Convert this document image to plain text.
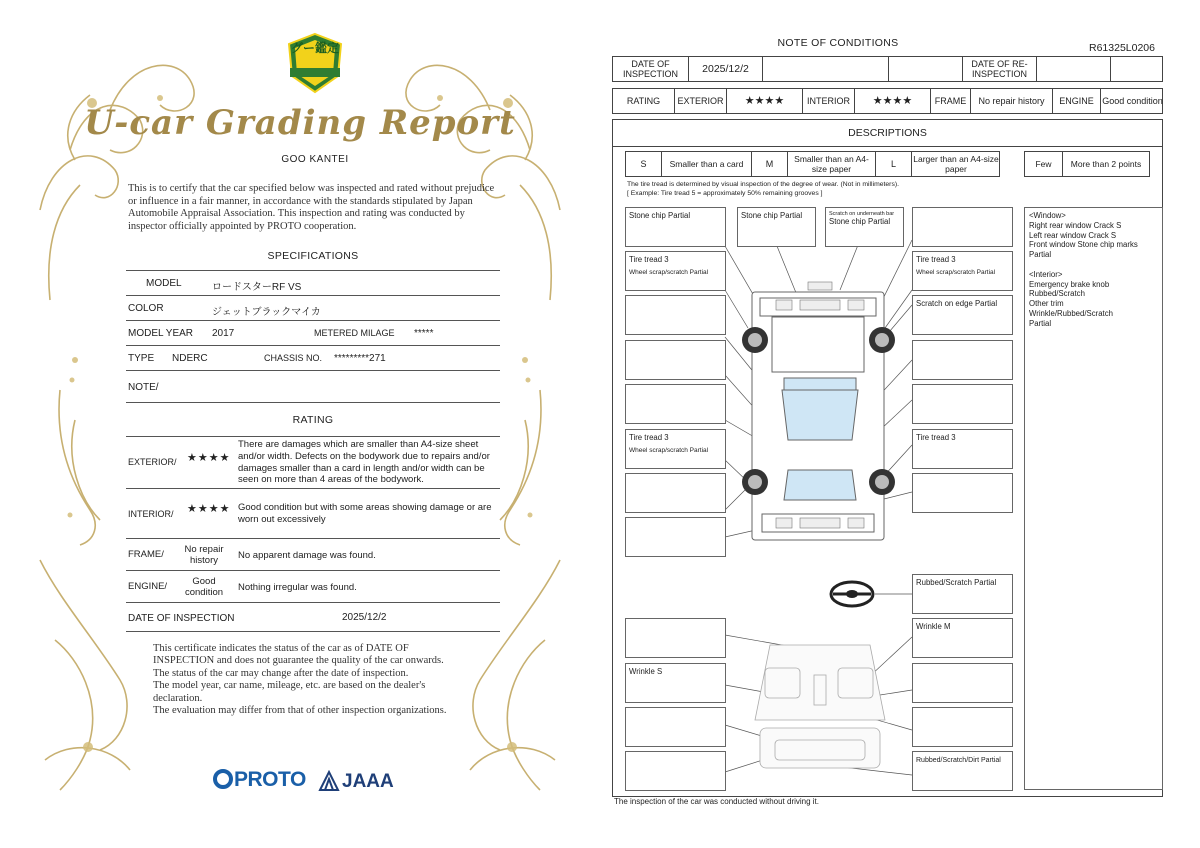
グー鑑定
U-car Grading Report
GOO KANTEI
This is to certify that the car specified below was inspected and rated without prejudice or influence in a fair manner, in accordance with the standards stipulated by Japan Automobile Appraisal Association. This inspection and rating was conducted by inspector officially appointed by PROTO cooperation.
SPECIFICATIONS
MODEL	ロードスターRF VS
COLOR	ジェットブラックマイカ
MODEL YEAR 2017	METERED MILAGE *****
TYPE NDERC	CHASSIS NO. *********271
NOTE/
RATING
EXTERIOR/ ★★★★
There are damages which are smaller than A4-size sheet and/or width. Defects on the bodywork due to repairs and/or damages smaller than a card in length and/or width can be seen on more than 4 areas of the bodywork.
INTERIOR/ ★★★★ Good condition but with some areas showing damage or are worn out excessively
FRAME/	No repair history	No apparent damage was found.
ENGINE/	Good condition	Nothing irregular was found.
DATE OF INSPECTION	2025/12/2
This certificate indicates the status of the car as of DATE OF
INSPECTION and does not guarantee the quality of the car onwards.
The status of the car may change after the date of inspection.
The model year, car name, mileage, etc. are based on the dealer's
declaration.
The evaluation may differ from that of other inspection organizations.
PROTO JAAA
NOTE OF CONDITIONS	R61325L0206
DATE OF INSPECTION	2025/12/2	DATE OF RE-INSPECTION
RATING	EXTERIOR	★★★★	INTERIOR	★★★★	FRAME	No repair history	ENGINE Good condition
DESCRIPTIONS
S	Smaller than a card	M	Smaller than an A4-size paper	L	Larger than an A4-size paper	Few	More than 2 points
The tire tread is determined by visual inspection of the degree of wear. (Not in millimeters).
[ Example: Tire tread 5 = approximately 50% remaining grooves ]
Stone chip Partial	Stone chip Partial	Scratch on underneath bar
Stone chip Partial
Tire tread 3
Wheel scrap/scratch Partial
Tire tread 3
Wheel scrap/scratch Partial
Scratch on edge Partial
Tire tread 3
Wheel scrap/scratch Partial
Tire tread 3
Rubbed/Scratch Partial
Wrinkle M
Wrinkle S
Rubbed/Scratch/Dirt Partial
<Window>
Right rear window Crack S
Left rear window Crack S
Front window Stone chip marks
Partial
<Interior>
Emergency brake knob
Rubbed/Scratch
Other trim
Wrinkle/Rubbed/Scratch
Partial
The inspection of the car was conducted without driving it.
